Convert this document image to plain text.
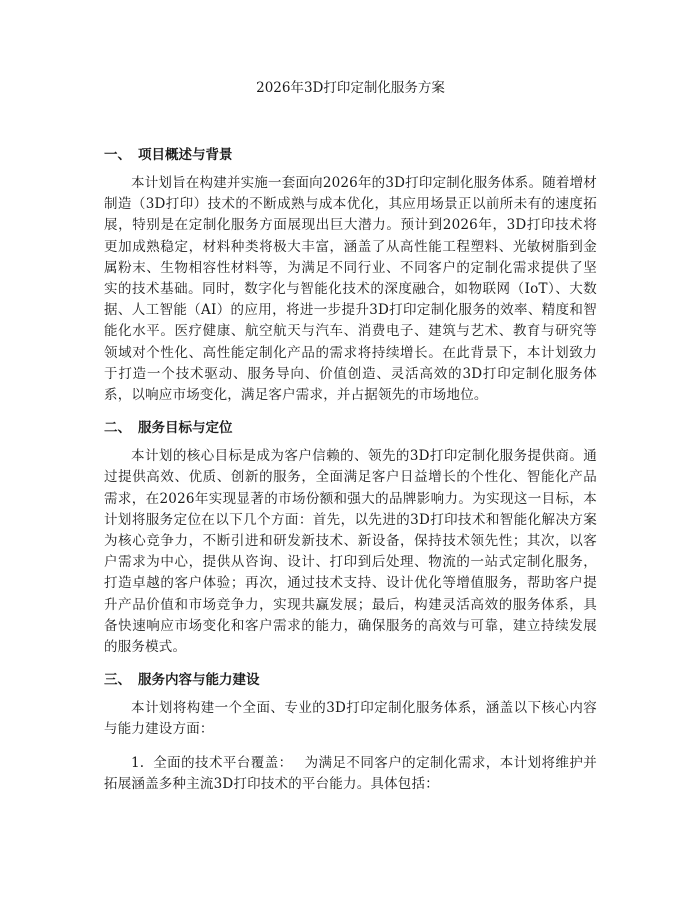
2026年3D打印定制化服务方案
一、 项目概述与背景

本计划旨在构建并实施一套面向2026年的3D打印定制化服务体系。随着增材制造（3D打印）技术的不断成熟与成本优化，其应用场景正以前所未有的速度拓展，特别是在定制化服务方面展现出巨大潜力。预计到2026年，3D打印技术将更加成熟稳定，材料种类将极大丰富，涵盖了从高性能工程塑料、光敏树脂到金属粉末、生物相容性材料等，为满足不同行业、不同客户的定制化需求提供了坚实的技术基础。同时，数字化与智能化技术的深度融合，如物联网（IoT）、大数据、人工智能（AI）的应用，将进一步提升3D打印定制化服务的效率、精度和智能化水平。医疗健康、航空航天与汽车、消费电子、建筑与艺术、教育与研究等领域对个性化、高性能定制化产品的需求将持续增长。在此背景下，本计划致力于打造一个技术驱动、服务导向、价值创造、灵活高效的3D打印定制化服务体系，以响应市场变化，满足客户需求，并占据领先的市场地位。

二、 服务目标与定位

本计划的核心目标是成为客户信赖的、领先的3D打印定制化服务提供商。通过提供高效、优质、创新的服务，全面满足客户日益增长的个性化、智能化产品需求，在2026年实现显著的市场份额和强大的品牌影响力。为实现这一目标，本计划将服务定位在以下几个方面：首先，以先进的3D打印技术和智能化解决方案为核心竞争力，不断引进和研发新技术、新设备，保持技术领先性；其次，以客户需求为中心，提供从咨询、设计、打印到后处理、物流的一站式定制化服务，打造卓越的客户体验；再次，通过技术支持、设计优化等增值服务，帮助客户提升产品价值和市场竞争力，实现共赢发展；最后，构建灵活高效的服务体系，具备快速响应市场变化和客户需求的能力，确保服务的高效与可靠，建立持续发展的服务模式。

三、 服务内容与能力建设

本计划将构建一个全面、专业的3D打印定制化服务体系，涵盖以下核心内容与能力建设方面：

1. 全面的技术平台覆盖： 为满足不同客户的定制化需求，本计划将维护并拓展涵盖多种主流3D打印技术的平台能力。具体包括：
